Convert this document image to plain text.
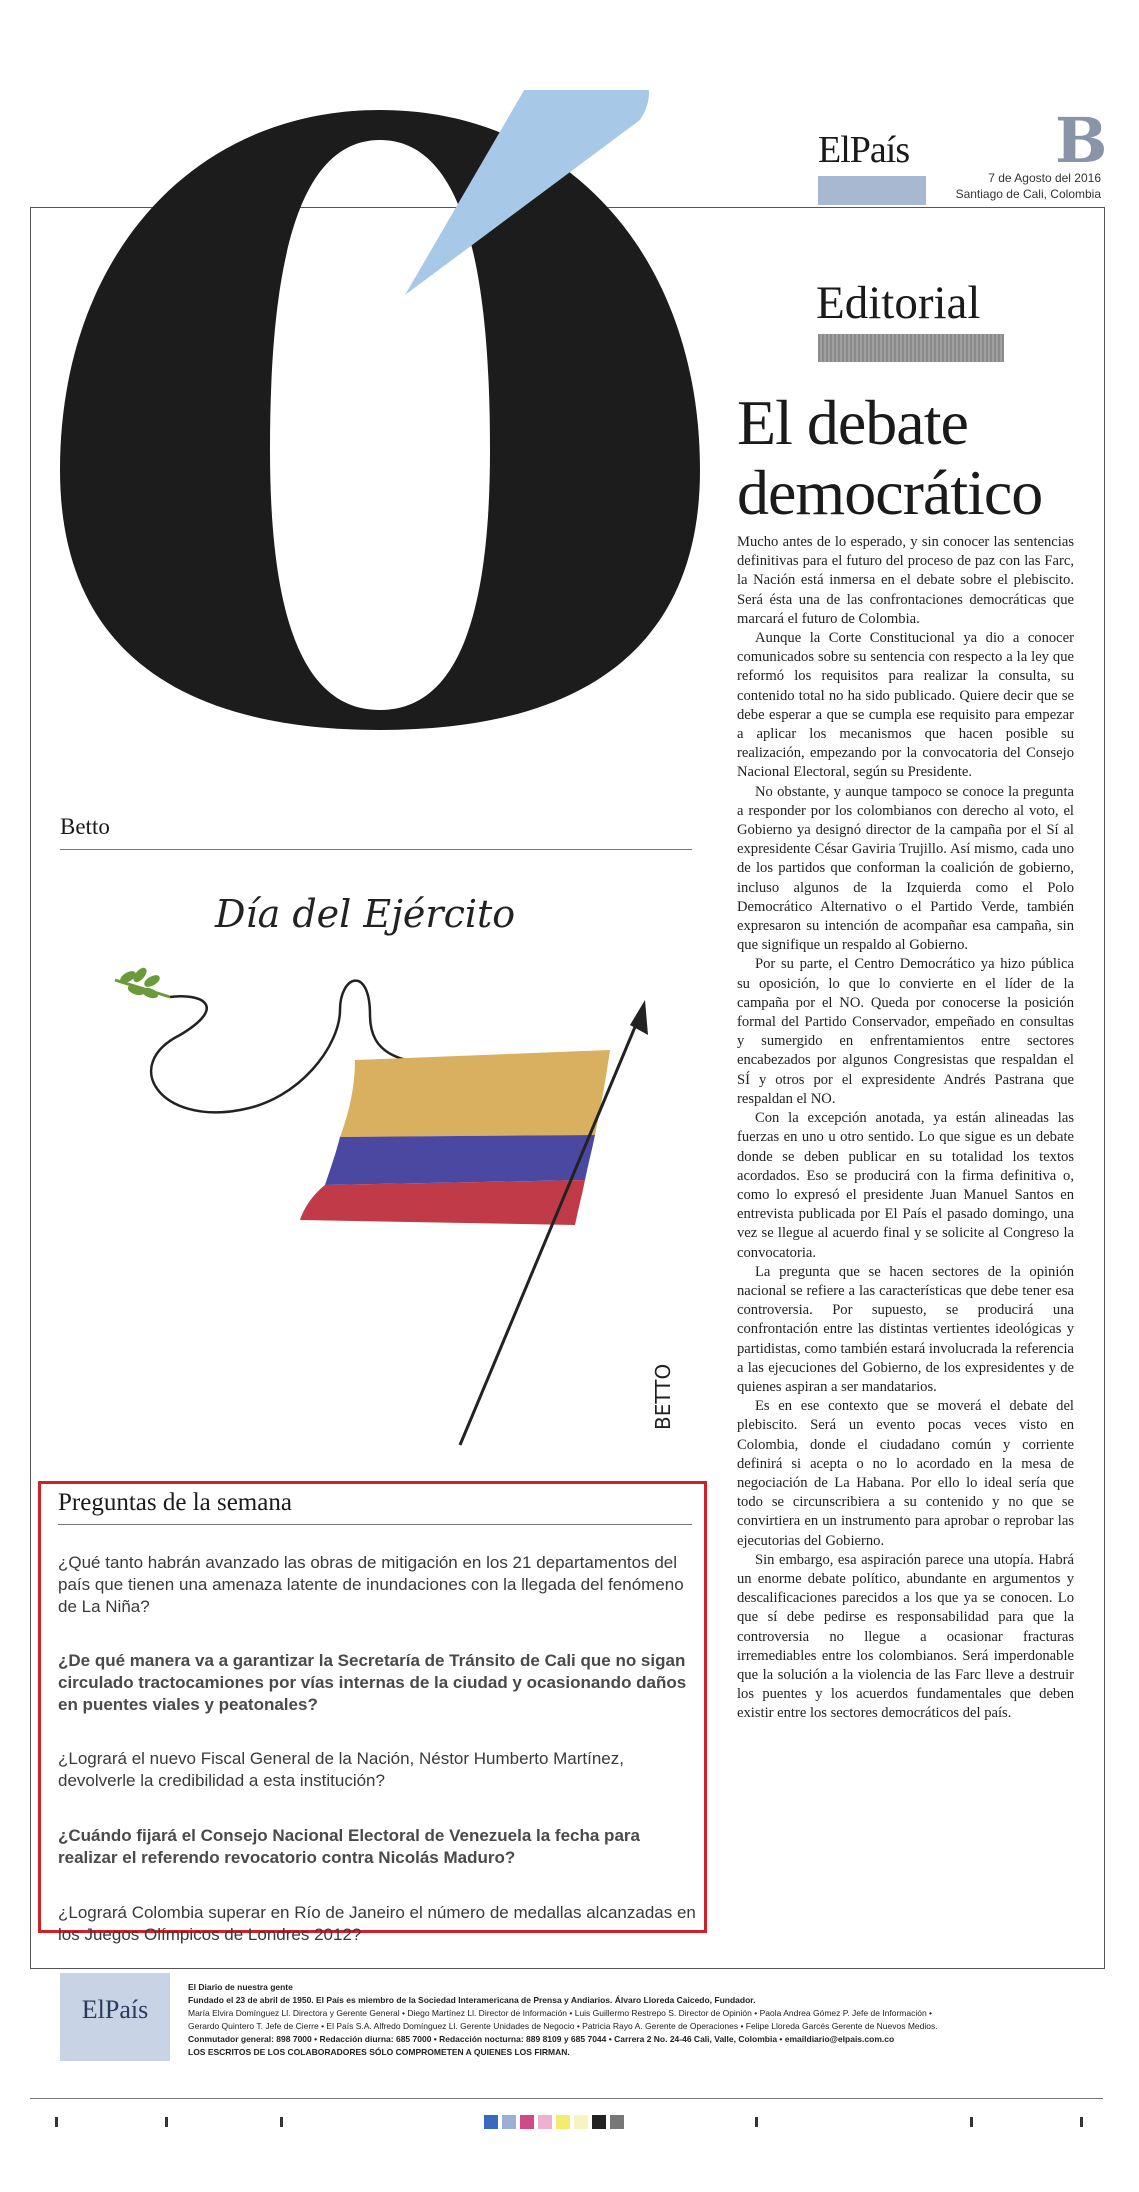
ElPaís B
7 de Agosto del 2016
Santiago de Cali, Colombia
Editorial
El debate
democrático

Mucho antes de lo esperado, y sin conocer las sentencias definitivas para el futuro del proceso de paz con las Farc, la Nación está inmersa en el debate sobre el plebiscito. Será ésta una de las confrontaciones democráticas que marcará el futuro de Colombia.

Aunque la Corte Constitucional ya dio a conocer comunicados sobre su sentencia con respecto a la ley que reformó los requisitos para realizar la consulta, su contenido total no ha sido publicado. Quiere decir que se debe esperar a que se cumpla ese requisito para empezar a aplicar los mecanismos que hacen posible su realización, empezando por la convocatoria del Consejo Nacional Electoral, según su Presidente.

No obstante, y aunque tampoco se conoce la pregunta a responder por los colombianos con derecho al voto, el Gobierno ya designó director de la campaña por el Sí al expresidente César Gaviria Trujillo. Así mismo, cada uno de los partidos que conforman la coalición de gobierno, incluso algunos de la Izquierda como el Polo Democrático Alternativo o el Partido Verde, también expresaron su intención de acompañar esa campaña, sin que signifique un respaldo al Gobierno.

Por su parte, el Centro Democrático ya hizo pública su oposición, lo que lo convierte en el líder de la campaña por el NO. Queda por conocerse la posición formal del Partido Conservador, empeñado en consultas y sumergido en enfrentamientos entre sectores encabezados por algunos Congresistas que respaldan el SÍ y otros por el expresidente Andrés Pastrana que respaldan el NO.

Con la excepción anotada, ya están alineadas las fuerzas en uno u otro sentido. Lo que sigue es un debate donde se deben publicar en su totalidad los textos acordados. Eso se producirá con la firma definitiva o, como lo expresó el presidente Juan Manuel Santos en entrevista publicada por El País el pasado domingo, una vez se llegue al acuerdo final y se solicite al Congreso la convocatoria.

La pregunta que se hacen sectores de la opinión nacional se refiere a las características que debe tener esa controversia. Por supuesto, se producirá una confrontación entre las distintas vertientes ideológicas y partidistas, como también estará involucrada la referencia a las ejecuciones del Gobierno, de los expresidentes y de quienes aspiran a ser mandatarios.

Es en ese contexto que se moverá el debate del plebiscito. Será un evento pocas veces visto en Colombia, donde el ciudadano común y corriente definirá si acepta o no lo acordado en la mesa de negociación de La Habana. Por ello lo ideal sería que todo se circunscribiera a su contenido y no que se convirtiera en un instrumento para aprobar o reprobar las ejecutorias del Gobierno.

Sin embargo, esa aspiración parece una utopía. Habrá un enorme debate político, abundante en argumentos y descalificaciones parecidos a los que ya se conocen. Lo que sí debe pedirse es responsabilidad para que la controversia no llegue a ocasionar fracturas irremediables entre los colombianos. Será imperdonable que la solución a la violencia de las Farc lleve a destruir los puentes y los acuerdos fundamentales que deben existir entre los sectores democráticos del país.

Betto
Día del Ejército
BETTO
Preguntas de la semana
¿Qué tanto habrán avanzado las obras de mitigación en los 21 departamentos del país que tienen una amenaza latente de inundaciones con la llegada del fenómeno de La Niña?
¿De qué manera va a garantizar la Secretaría de Tránsito de Cali que no sigan circulado tractocamiones por vías internas de la ciudad y ocasionando daños en puentes viales y peatonales?
¿Logrará el nuevo Fiscal General de la Nación, Néstor Humberto Martínez, devolverle la credibilidad a esta institución?
¿Cuándo fijará el Consejo Nacional Electoral de Venezuela la fecha para realizar el referendo revocatorio contra Nicolás Maduro?
¿Logrará Colombia superar en Río de Janeiro el número de medallas alcanzadas en los Juegos Olímpicos de Londres 2012?
ElPaís
El Diario de nuestra gente
Fundado el 23 de abril de 1950. El País es miembro de la Sociedad Interamericana de Prensa y Andiarios. Álvaro Lloreda Caicedo, Fundador.
María Elvira Domínguez Ll. Directora y Gerente General • Diego Martínez Ll. Director de Información • Luis Guillermo Restrepo S. Director de Opinión • Paola Andrea Gómez P. Jefe de Información •
Gerardo Quintero T. Jefe de Cierre • El País S.A. Alfredo Domínguez Ll. Gerente Unidades de Negocio • Patricia Rayo A. Gerente de Operaciones • Felipe Lloreda Garcés Gerente de Nuevos Medios.
Conmutador general: 898 7000 • Redacción diurna: 685 7000 • Redacción nocturna: 889 8109 y 685 7044 • Carrera 2 No. 24-46 Cali, Valle, Colombia • emaildiario@elpais.com.co
LOS ESCRITOS DE LOS COLABORADORES SÓLO COMPROMETEN A QUIENES LOS FIRMAN.
